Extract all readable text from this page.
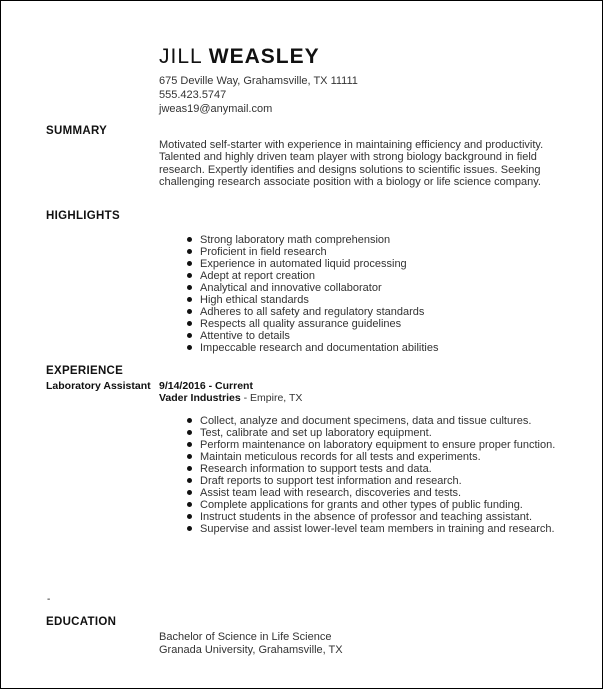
JILL WEASLEY
675 Deville Way, Grahamsville, TX 11111
555.423.5747
jweas19@anymail.com
SUMMARY
Motivated self-starter with experience in maintaining efficiency and productivity. Talented and highly driven team player with strong biology background in field research. Expertly identifies and designs solutions to scientific issues. Seeking challenging research associate position with a biology or life science company.
HIGHLIGHTS
Strong laboratory math comprehension
Proficient in field research
Experience in automated liquid processing
Adept at report creation
Analytical and innovative collaborator
High ethical standards
Adheres to all safety and regulatory standards
Respects all quality assurance guidelines
Attentive to details
Impeccable research and documentation abilities
EXPERIENCE
Laboratory Assistant 9/14/2016 - Current
Vader Industries - Empire, TX
Collect, analyze and document specimens, data and tissue cultures.
Test, calibrate and set up laboratory equipment.
Perform maintenance on laboratory equipment to ensure proper function.
Maintain meticulous records for all tests and experiments.
Research information to support tests and data.
Draft reports to support test information and research.
Assist team lead with research, discoveries and tests.
Complete applications for grants and other types of public funding.
Instruct students in the absence of professor and teaching assistant.
Supervise and assist lower-level team members in training and research.
-
EDUCATION
Bachelor of Science in Life Science
Granada University, Grahamsville, TX
